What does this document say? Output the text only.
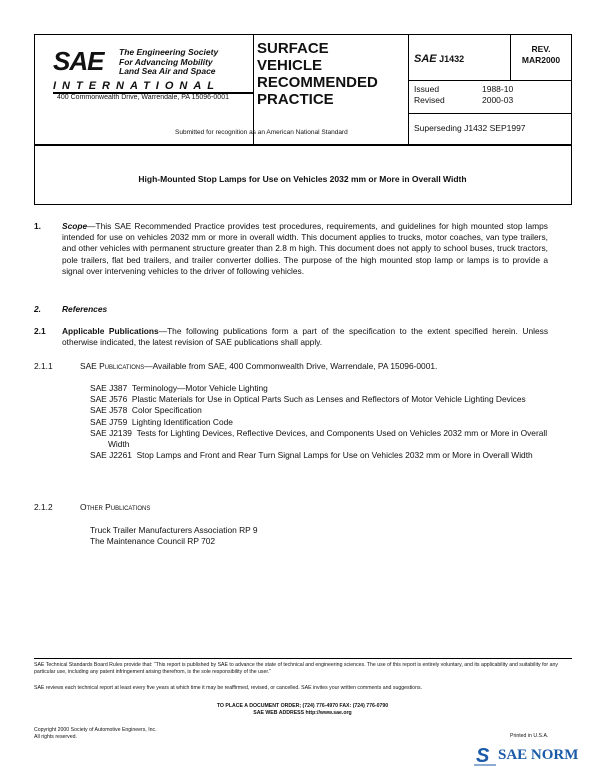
SAE The Engineering Society
For Advancing Mobility
Land Sea Air and Space
INTERNATIONAL
400 Commonwealth Drive, Warrendale, PA 15096-0001
SURFACE
VEHICLE
RECOMMENDED
PRACTICE
Submitted for recognition as an American National Standard
SAE J1432
REV.
MAR2000
Issued	1988-10
Revised	2000-03
Superseding J1432 SEP1997
High-Mounted Stop Lamps for Use on Vehicles 2032 mm or More in Overall Width
1.	Scope—This SAE Recommended Practice provides test procedures, requirements, and guidelines for high mounted stop lamps intended for use on vehicles 2032 mm or more in overall width. This document applies to trucks, motor coaches, van type trailers, and other vehicles with permanent structure greater than 2.8 m high. This document does not apply to school buses, truck tractors, pole trailers, flat bed trailers, and trailer converter dollies. The purpose of the high mounted stop lamp or lamps is to provide a signal over intervening vehicles to the driver of following vehicles.
2.	References
2.1 Applicable Publications—The following publications form a part of the specification to the extent specified herein. Unless otherwise indicated, the latest revision of SAE publications shall apply.
2.1.1	SAE Publications—Available from SAE, 400 Commonwealth Drive, Warrendale, PA 15096-0001.
SAE J387 Terminology—Motor Vehicle Lighting
SAE J576 Plastic Materials for Use in Optical Parts Such as Lenses and Reflectors of Motor Vehicle Lighting Devices
SAE J578 Color Specification
SAE J759 Lighting Identification Code
SAE J2139 Tests for Lighting Devices, Reflective Devices, and Components Used on Vehicles 2032 mm or More in Overall Width
SAE J2261 Stop Lamps and Front and Rear Turn Signal Lamps for Use on Vehicles 2032 mm or More in Overall Width
2.1.2	Other Publications
Truck Trailer Manufacturers Association RP 9
The Maintenance Council RP 702
SAE Technical Standards Board Rules provide that: “This report is published by SAE to advance the state of technical and engineering sciences. The use of this report is entirely voluntary, and its applicability and suitability for any particular use, including any patent infringement arising therefrom, is the sole responsibility of the user.”
SAE reviews each technical report at least every five years at which time it may be reaffirmed, revised, or cancelled. SAE invites your written comments and suggestions.
TO PLACE A DOCUMENT ORDER; (724) 776-4970 FAX: (724) 776-0790
SAE WEB ADDRESS http://www.sae.org
Copyright 2000 Society of Automotive Engineers, Inc.
All rights reserved.	Printed in U.S.A.
S SAE NORM
